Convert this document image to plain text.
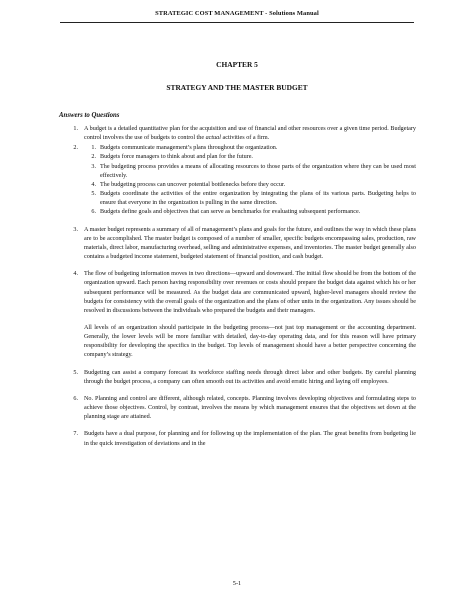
STRATEGIC COST MANAGEMENT - Solutions Manual
CHAPTER 5
STRATEGY AND THE MASTER BUDGET
Answers to Questions
1. A budget is a detailed quantitative plan for the acquisition and use of financial and other resources over a given time period. Budgetary control involves the use of budgets to control the actual activities of a firm.
2.	1. Budgets communicate management’s plans throughout the organization.
2. Budgets force managers to think about and plan for the future.
3. The budgeting process provides a means of allocating resources to those parts of the organization where they can be used most effectively.
4. The budgeting process can uncover potential bottlenecks before they occur.
5. Budgets coordinate the activities of the entire organization by integrating the plans of its various parts. Budgeting helps to ensure that everyone in the organization is pulling in the same direction.
6. Budgets define goals and objectives that can serve as benchmarks for evaluating subsequent performance.
3. A master budget represents a summary of all of management’s plans and goals for the future, and outlines the way in which these plans are to be accomplished. The master budget is composed of a number of smaller, specific budgets encompassing sales, production, raw materials, direct labor, manufacturing overhead, selling and administrative expenses, and inventories. The master budget generally also contains a budgeted income statement, budgeted statement of financial position, and cash budget.
4. The flow of budgeting information moves in two directions—upward and downward. The initial flow should be from the bottom of the organization upward. Each person having responsibility over revenues or costs should prepare the budget data against which his or her subsequent performance will be measured. As the budget data are communicated upward, higher-level managers should review the budgets for consistency with the overall goals of the organization and the plans of other units in the organization. Any issues should be resolved in discussions between the individuals who prepared the budgets and their managers.
All levels of an organization should participate in the budgeting process—not just top management or the accounting department. Generally, the lower levels will be more familiar with detailed, day-to-day operating data, and for this reason will have primary responsibility for developing the specifics in the budget. Top levels of management should have a better perspective concerning the company’s strategy.
5. Budgeting can assist a company forecast its workforce staffing needs through direct labor and other budgets. By careful planning through the budget process, a company can often smooth out its activities and avoid erratic hiring and laying off employees.
6. No. Planning and control are different, although related, concepts. Planning involves developing objectives and formulating steps to achieve those objectives. Control, by contrast, involves the means by which management ensures that the objectives set down at the planning stage are attained.
7. Budgets have a dual purpose, for planning and for following up the implementation of the plan. The great benefits from budgeting lie in the quick investigation of deviations and in the
5-1
